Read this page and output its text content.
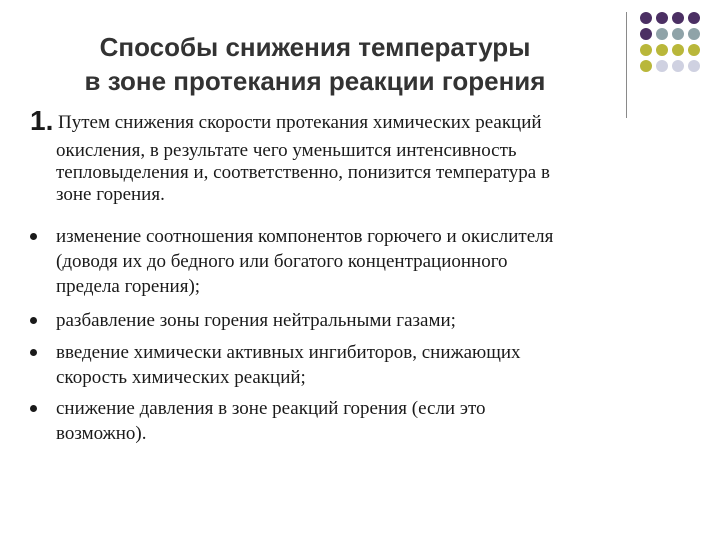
Способы снижения температуры
в зоне протекания реакции горения
1. Путем снижения скорости протекания химических реакций
окисления, в результате чего уменьшится интенсивность
тепловыделения и, соответственно, понизится температура в
зоне горения.
изменение соотношения компонентов горючего и окислителя
(доводя их до бедного или богатого концентрационного
предела горения);
разбавление зоны горения нейтральными газами;
введение химически активных ингибиторов, снижающих
скорость химических реакций;
снижение давления в зоне реакций горения (если это
возможно).
